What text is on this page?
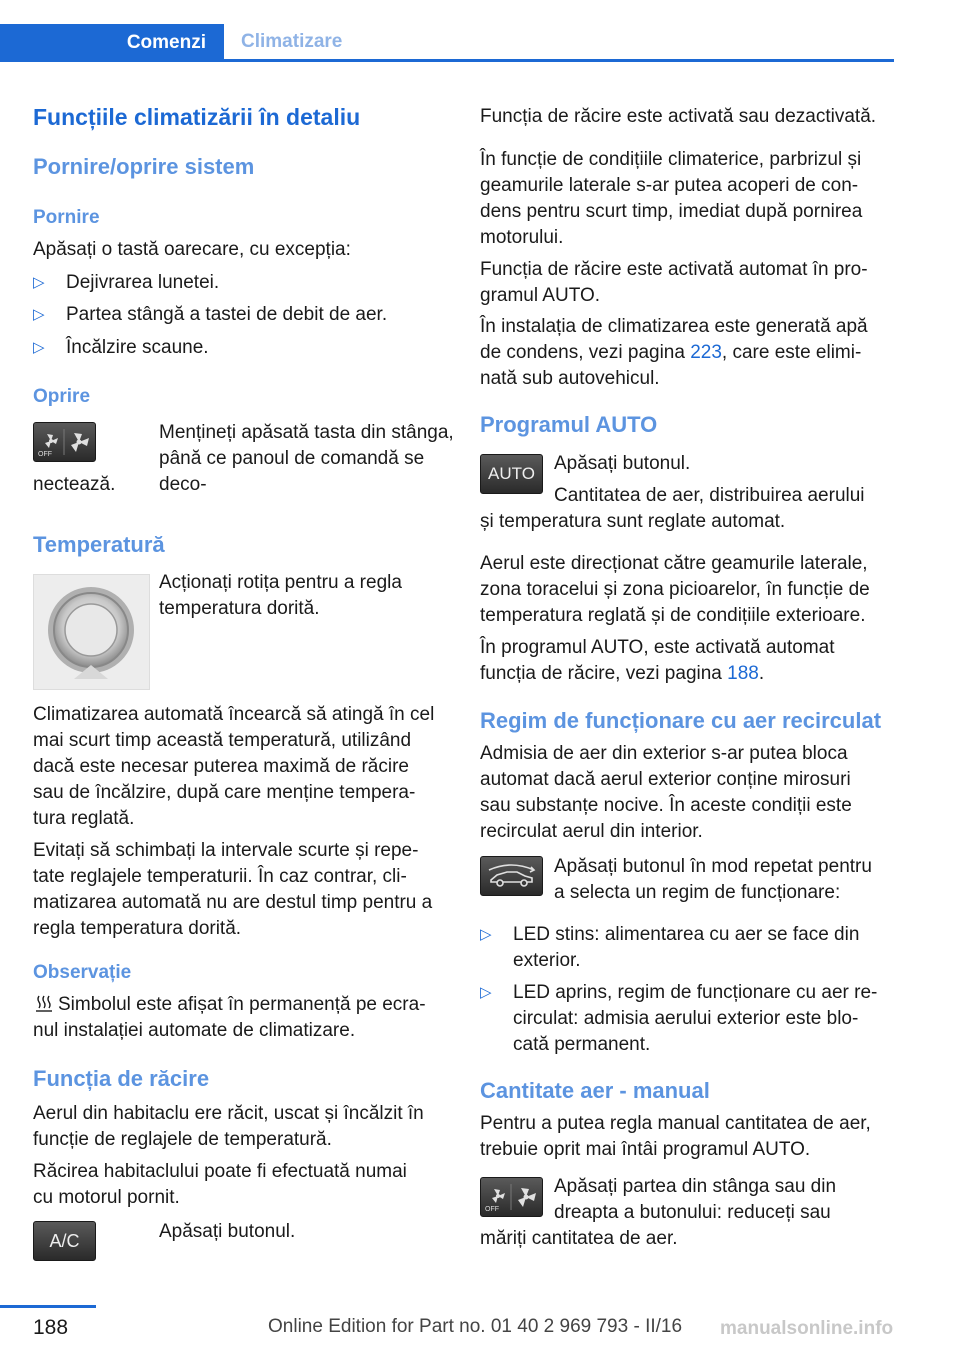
Comenzi	Climatizare
Funcțiile climatizării în detaliu
Pornire/oprire sistem
Pornire

Apăsați o tastă oarecare, cu excepția:

▷ Dejivrarea lunetei.
▷ Partea stângă a tastei de debit de aer.
▷ Încălzire scaune.
Oprire
OFF

Mențineți apăsată tasta din stânga,

până ce panoul de comandă se deco-

nectează.

Temperatură

Acționați rotița pentru a regla

temperatura dorită.

Climatizarea automată încearcă să atingă în cel

mai scurt timp această temperatură, utilizând

dacă este necesar puterea maximă de răcire

sau de încălzire, după care menține tempera-

tura reglată.

Evitați să schimbați la intervale scurte și repe-

tate reglajele temperaturii. În caz contrar, cli-

matizarea automată nu are destul timp pentru a

regla temperatura dorită.

Observație

Simbolul este afișat în permanență pe ecra-

nul instalației automate de climatizare.

Funcția de răcire

Aerul din habitaclu ere răcit, uscat și încălzit în

funcție de reglajele de temperatură.

Răcirea habitaclului poate fi efectuată numai

cu motorul pornit.

A/C	Apăsați butonul.

Funcția de răcire este activată sau dezactivată.

În funcție de condițiile climaterice, parbrizul și

geamurile laterale s-ar putea acoperi de con-

dens pentru scurt timp, imediat după pornirea

motorului.

Funcția de răcire este activată automat în pro-

gramul AUTO.

În instalația de climatizarea este generată apă

de condens, vezi pagina 223, care este elimi-

nată sub autovehicul.

Programul AUTO
AUTO	Apăsați butonul.

Cantitatea de aer, distribuirea aerului

și temperatura sunt reglate automat.

Aerul este direcționat către geamurile laterale,

zona toracelui și zona picioarelor, în funcție de

temperatura reglată și de condițiile exterioare.

În programul AUTO, este activată automat

funcția de răcire, vezi pagina 188.

Regim de funcționare cu aer recirculat

Admisia de aer din exterior s-ar putea bloca

automat dacă aerul exterior conține mirosuri

sau substanțe nocive. În aceste condiții este

recirculat aerul din interior.

Apăsați butonul în mod repetat pentru

a selecta un regim de funcționare:

▷ LED stins: alimentarea cu aer se face din

exterior.

▷ LED aprins, regim de funcționare cu aer re-

circulat: admisia aerului exterior este blo-

cată permanent.

Cantitate aer - manual

Pentru a putea regla manual cantitatea de aer,

trebuie oprit mai întâi programul AUTO.

OFF

Apăsați partea din stânga sau din

dreapta a butonului: reduceți sau

măriți cantitatea de aer.

188	Online Edition for Part no. 01 40 2 969 793 - II/16 manualsonline.info
